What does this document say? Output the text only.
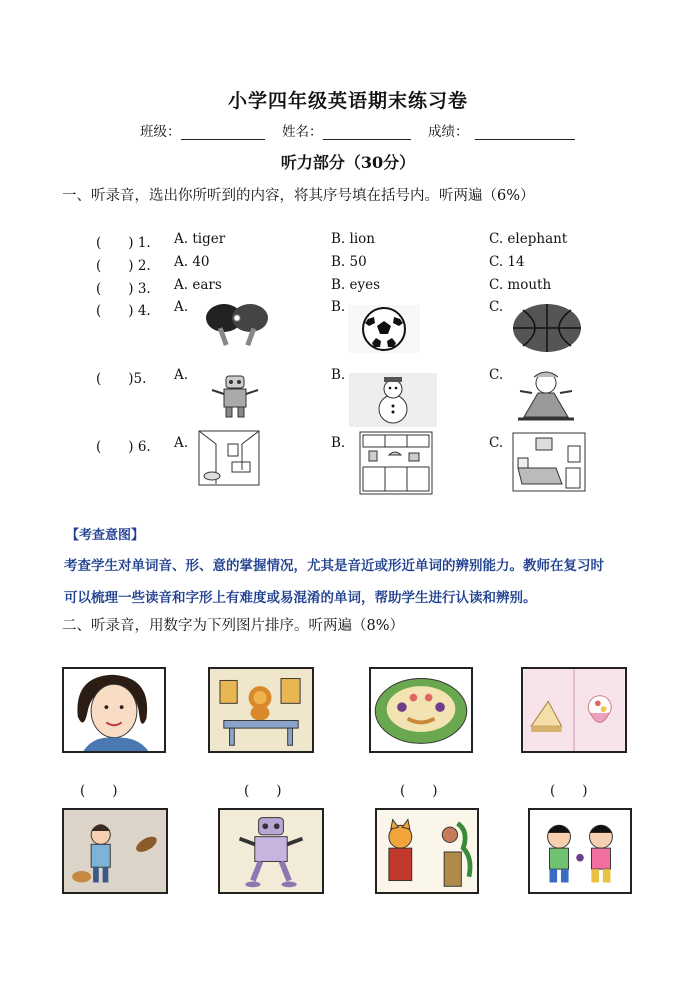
小学四年级英语期末练习卷
班级：	姓名：	成绩：
听力部分（30分）
一、听录音，选出你所听到的内容，将其序号填在括号内。听两遍（6%）
(　　) 1. A. tiger	B. lion	C. elephant
(　　) 2. A. 40	B. 50	C. 14
(　　) 3. A. ears	B. eyes	C. mouth
(　　) 4. A.	B.	C.
(　　)5. A.	B.	C.
(　　) 6. A.	B.	C.
【考查意图】
考查学生对单词音、形、意的掌握情况，尤其是音近或形近单词的辨别能力。教师在复习时
可以梳理一些读音和字形上有难度或易混淆的单词，帮助学生进行认读和辨别。
二、听录音，用数字为下列图片排序。听两遍（8%）
(　　)	(　　)	(　　)	(　　)
